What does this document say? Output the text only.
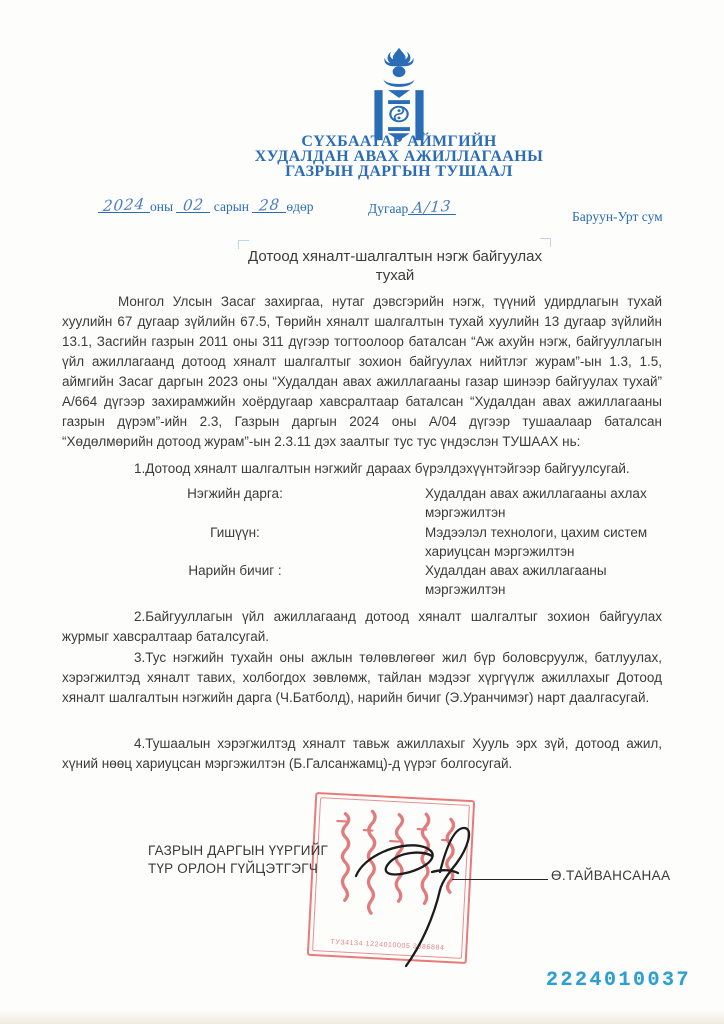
СҮХБААТАР АЙМГИЙН
ХУДАЛДАН АВАХ АЖИЛЛАГААНЫ
ГАЗРЫН ДАРГЫН ТУШААЛ
2024 оны 02 сарын 28 өдөр	Дугаар А/13	Баруун-Урт сум
Дотоод хяналт-шалгалтын нэгж байгуулах
тухай

Монгол Улсын Засаг захиргаа, нутаг дэвсгэрийн нэгж, түүний удирдлагын тухай хуулийн 67 дугаар зүйлийн 67.5, Төрийн хяналт шалгалтын тухай хуулийн 13 дугаар зүйлийн 13.1, Засгийн газрын 2011 оны 311 дүгээр тогтоолоор баталсан “Аж ахуйн нэгж, байгууллагын үйл ажиллагаанд дотоод хяналт шалгалтыг зохион байгуулах нийтлэг журам”-ын 1.3, 1.5, аймгийн Засаг даргын 2023 оны “Худалдан авах ажиллагааны газар шинээр байгуулах тухай” А/664 дүгээр захирамжийн хоёрдугаар хавсралтаар баталсан “Худалдан авах ажиллагааны газрын дүрэм”-ийн 2.3, Газрын даргын 2024 оны А/04 дүгээр тушаалаар баталсан “Хөдөлмөрийн дотоод журам”-ын 2.3.11 дэх заалтыг тус тус үндэслэн ТУШААХ нь:

1.Дотоод хяналт шалгалтын нэгжийг дараах бүрэлдэхүүнтэйгээр байгуулсугай.

Нэгжийн дарга:	Худалдан авах ажиллагааны ахлах мэргэжилтэн
Гишүүн:	Мэдээлэл технологи, цахим систем хариуцсан мэргэжилтэн
Нарийн бичиг :	Худалдан авах ажиллагааны мэргэжилтэн

2.Байгууллагын үйл ажиллагаанд дотоод хяналт шалгалтыг зохион байгуулах журмыг хавсралтаар баталсугай.

3.Тус нэгжийн тухайн оны ажлын төлөвлөгөөг жил бүр боловсруулж, батлуулах, хэрэгжилтэд хяналт тавих, холбогдох зөвлөмж, тайлан мэдээг хүргүүлж ажиллахыг Дотоод хяналт шалгалтын нэгжийн дарга (Ч.Батболд), нарийн бичиг (Э.Уранчимэг) нарт даалгасугай.

4.Тушаалын хэрэгжилтэд хяналт тавьж ажиллахыг Хууль эрх зүй, дотоод ажил, хүний нөөц хариуцсан мэргэжилтэн (Б.Галсанжамц)-д үүрэг болгосугай.

ТУЗ4134 1224010005 3086884
ГАЗРЫН ДАРГЫН ҮҮРГИЙГ
ТҮР ОРЛОН ГҮЙЦЭТГЭГЧ	Ө.ТАЙВАНСАНАА
2224010037
